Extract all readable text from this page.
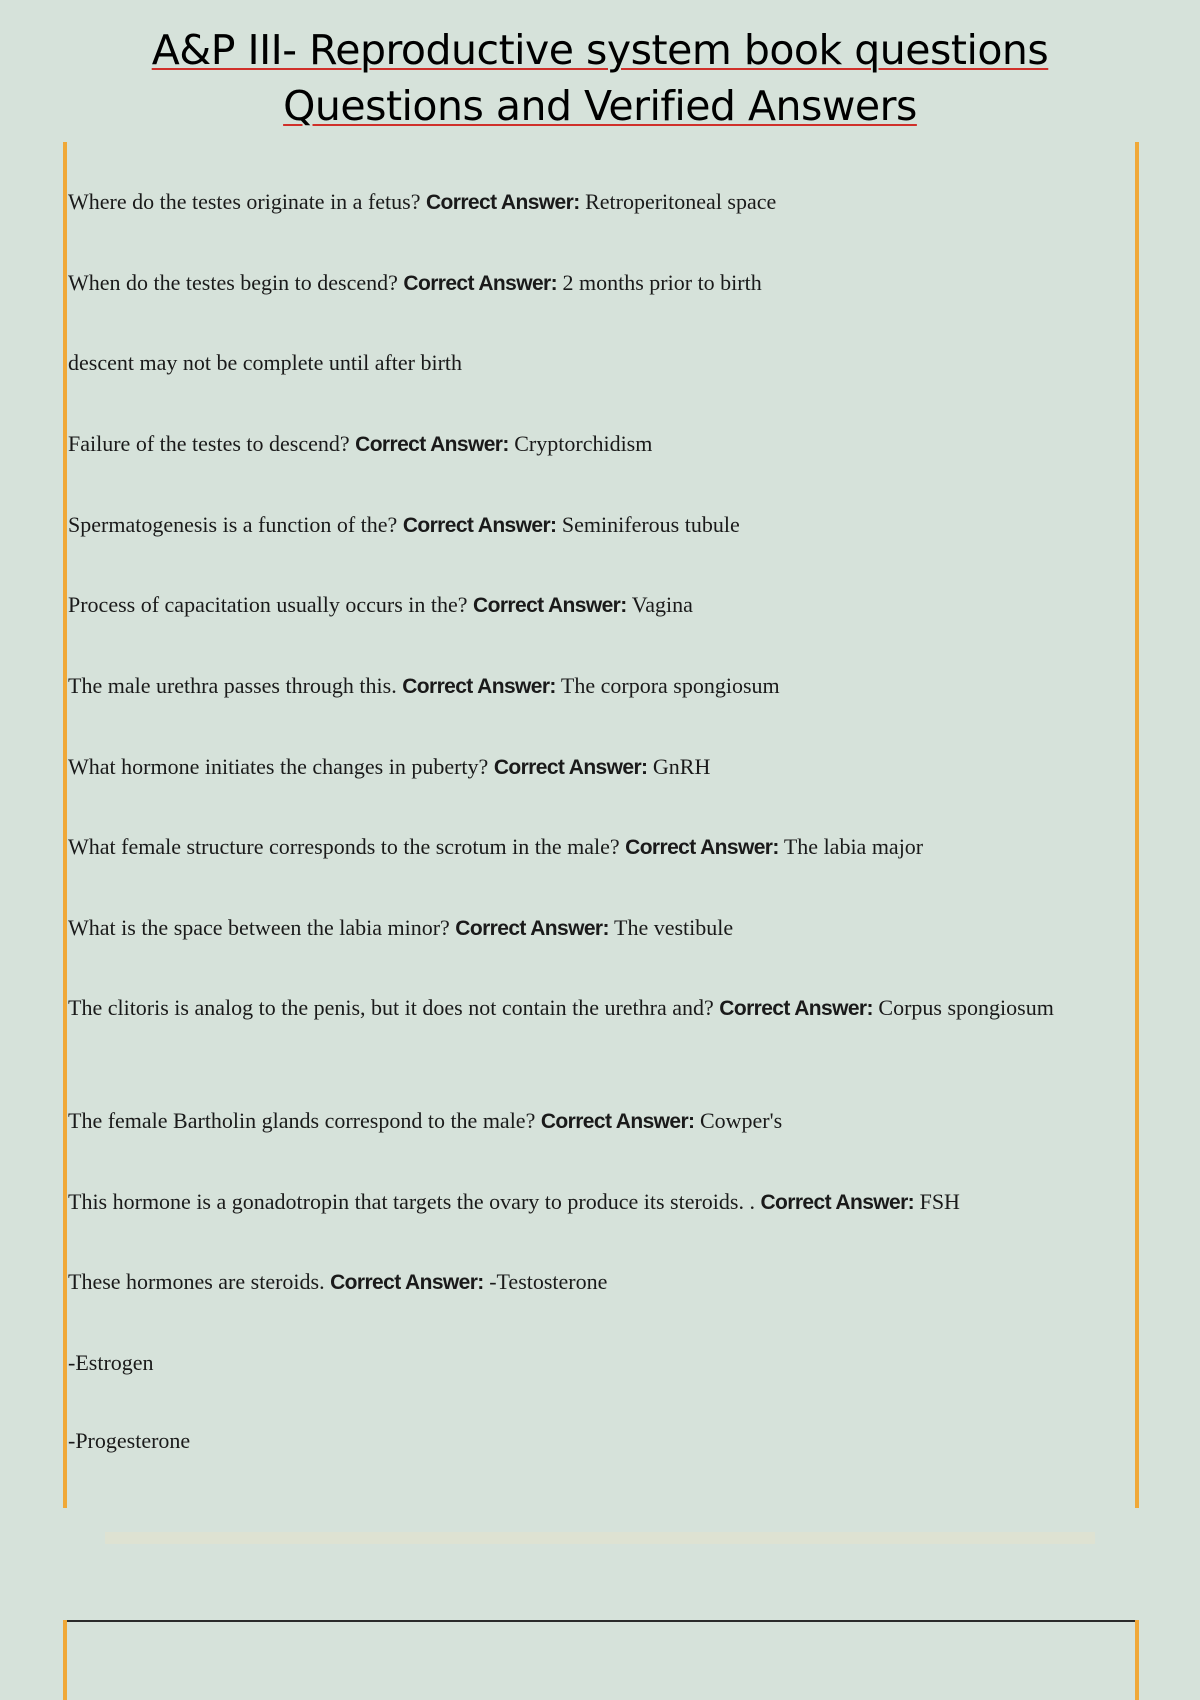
A&P III- Reproductive system book questions
Questions and Verified Answers

Where do the testes originate in a fetus? Correct Answer: Retroperitoneal space

When do the testes begin to descend? Correct Answer: 2 months prior to birth

descent may not be complete until after birth

Failure of the testes to descend? Correct Answer: Cryptorchidism

Spermatogenesis is a function of the? Correct Answer: Seminiferous tubule

Process of capacitation usually occurs in the? Correct Answer: Vagina

The male urethra passes through this. Correct Answer: The corpora spongiosum

What hormone initiates the changes in puberty? Correct Answer: GnRH

What female structure corresponds to the scrotum in the male? Correct Answer: The labia major

What is the space between the labia minor? Correct Answer: The vestibule

The clitoris is analog to the penis, but it does not contain the urethra and? Correct Answer: Corpus spongiosum

The female Bartholin glands correspond to the male? Correct Answer: Cowper's

This hormone is a gonadotropin that targets the ovary to produce its steroids. . Correct Answer: FSH

These hormones are steroids. Correct Answer: -Testosterone

-Estrogen

-Progesterone
